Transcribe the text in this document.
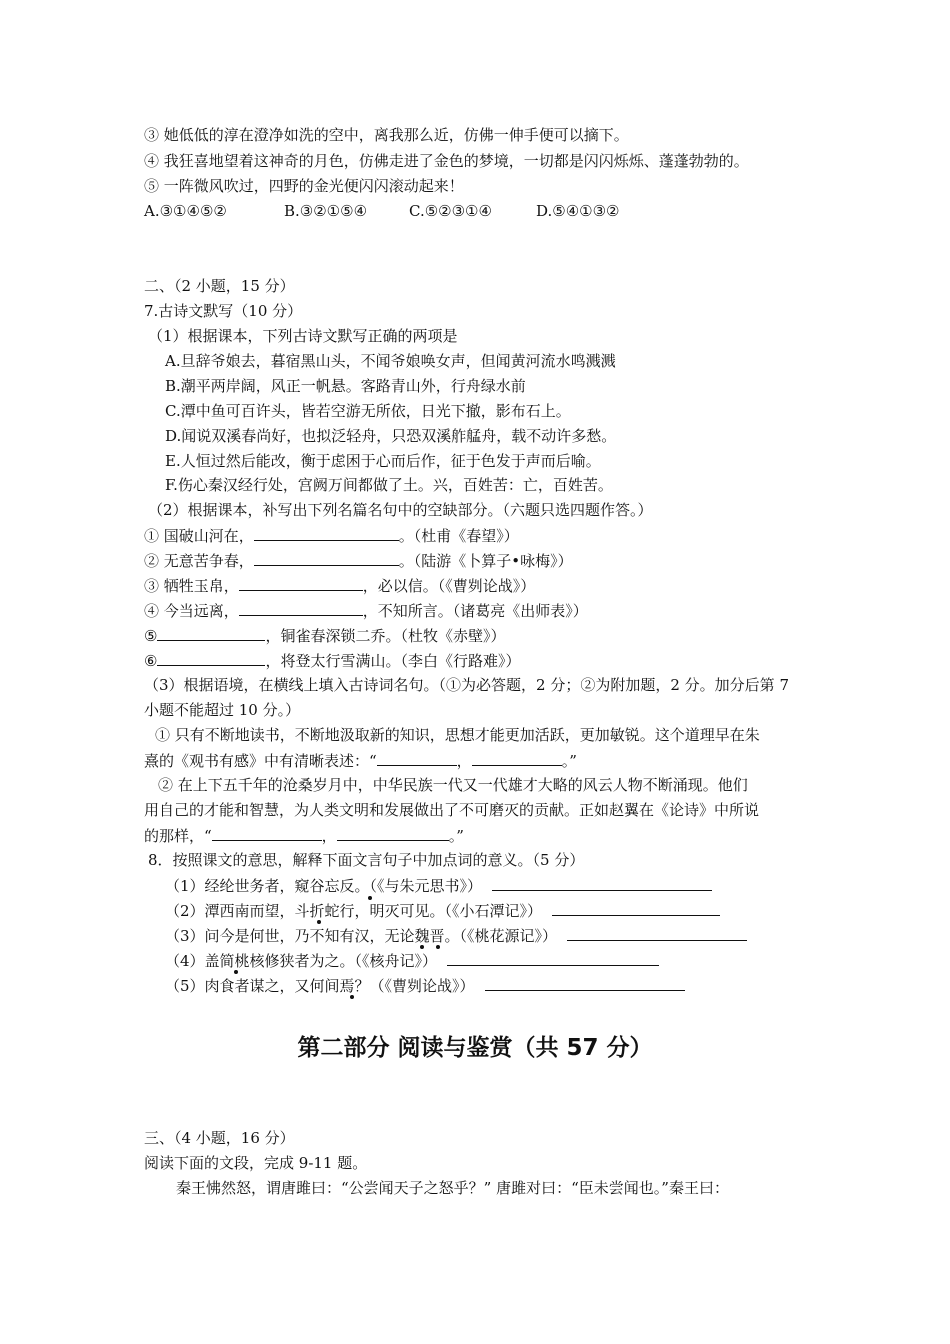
③ 她低低的淳在澄净如洗的空中，离我那么近，仿佛一伸手便可以摘下。
④ 我狂喜地望着这神奇的月色，仿佛走进了金色的梦境，一切都是闪闪烁烁、蓬蓬勃勃的。
⑤ 一阵微风吹过，四野的金光便闪闪滚动起来！
A.③①④⑤②	B.③②①⑤④	C.⑤②③①④	D.⑤④①③②
二、（2 小题，15 分）
7.古诗文默写（10 分）
（1）根据课本，下列古诗文默写正确的两项是
A.旦辞爷娘去，暮宿黑山头，不闻爷娘唤女声，但闻黄河流水鸣溅溅
B.潮平两岸阔，风正一帆悬。客路青山外，行舟绿水前
C.潭中鱼可百许头，皆若空游无所依，日光下撤，影布石上。
D.闻说双溪春尚好，也拟泛轻舟，只恐双溪舴艋舟，载不动许多愁。
E.人恒过然后能改，衡于虑困于心而后作，征于色发于声而后喻。
F.伤心秦汉经行处，宫阙万间都做了土。兴，百姓苦：亡，百姓苦。
（2）根据课本，补写出下列名篇名句中的空缺部分。（六题只选四题作答。）
① 国破山河在，	。（杜甫《春望》）
② 无意苦争春，	。（陆游《卜算子•咏梅》）
③ 牺牲玉帛，	，必以信。（《曹刿论战》）
④ 今当远离，	，不知所言。（诸葛亮《出师表》）
⑤	，铜雀春深锁二乔。（杜牧《赤壁》）
⑥	，将登太行雪满山。（李白《行路难》）
（3）根据语境，在横线上填入古诗词名句。（①为必答题，2 分；②为附加题，2 分。加分后第 7
小题不能超过 10 分。）
① 只有不断地读书，不断地汲取新的知识，思想才能更加活跃，更加敏锐。这个道理早在朱
熹的《观书有感》中有清晰表述：“	，	。”
② 在上下五千年的沧桑岁月中，中华民族一代又一代雄才大略的风云人物不断涌现。他们
用自己的才能和智慧，为人类文明和发展做出了不可磨灭的贡献。正如赵翼在《论诗》中所说
的那样，“	，	。”
8．按照课文的意思，解释下面文言句子中加点词的意义。（5 分）
（1）经纶世务者，窥谷忘反。（《与朱元思书》）
（2）潭西南而望，斗折蛇行，明灭可见。（《小石潭记》）
（3）问今是何世，乃不知有汉，无论魏晋。（《桃花源记》）
（4）盖简桃核修狭者为之。（《核舟记》）
（5）肉食者谋之，又何间焉？（《曹刿论战》）
第二部分 阅读与鉴赏（共 57 分）
三、（4 小题，16 分）
阅读下面的文段，完成 9-11 题。
秦王怫然怒，谓唐雎曰：“公尝闻天子之怒乎？” 唐雎对曰：“臣未尝闻也。”秦王曰：
